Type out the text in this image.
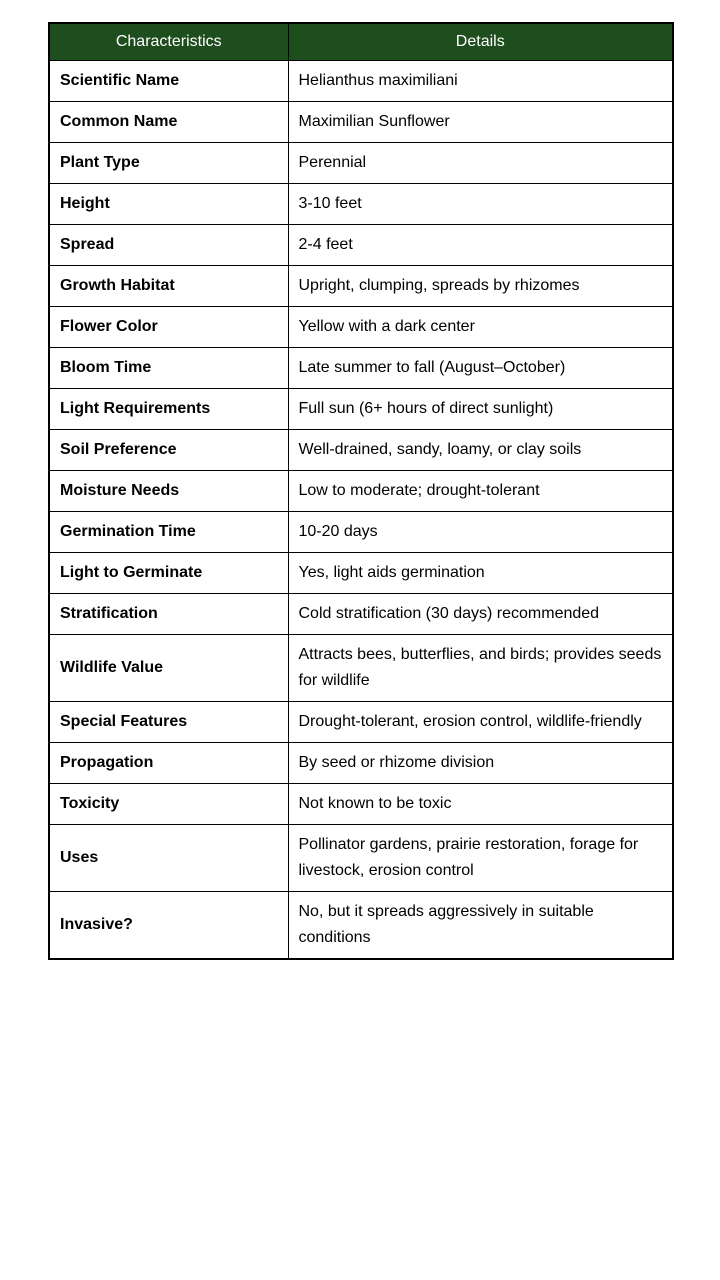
Characteristics	Details
Scientific Name	Helianthus maximiliani
Common Name	Maximilian Sunflower
Plant Type	Perennial
Height	3-10 feet
Spread	2-4 feet
Growth Habitat	Upright, clumping, spreads by rhizomes
Flower Color	Yellow with a dark center
Bloom Time	Late summer to fall (August–October)
Light Requirements	Full sun (6+ hours of direct sunlight)
Soil Preference	Well-drained, sandy, loamy, or clay soils
Moisture Needs	Low to moderate; drought-tolerant
Germination Time	10-20 days
Light to Germinate	Yes, light aids germination
Stratification	Cold stratification (30 days) recommended
Wildlife Value	Attracts bees, butterflies, and birds; provides seeds for wildlife
Special Features	Drought-tolerant, erosion control, wildlife-friendly
Propagation	By seed or rhizome division
Toxicity	Not known to be toxic
Uses	Pollinator gardens, prairie restoration, forage for livestock, erosion control
Invasive?	No, but it spreads aggressively in suitable conditions
